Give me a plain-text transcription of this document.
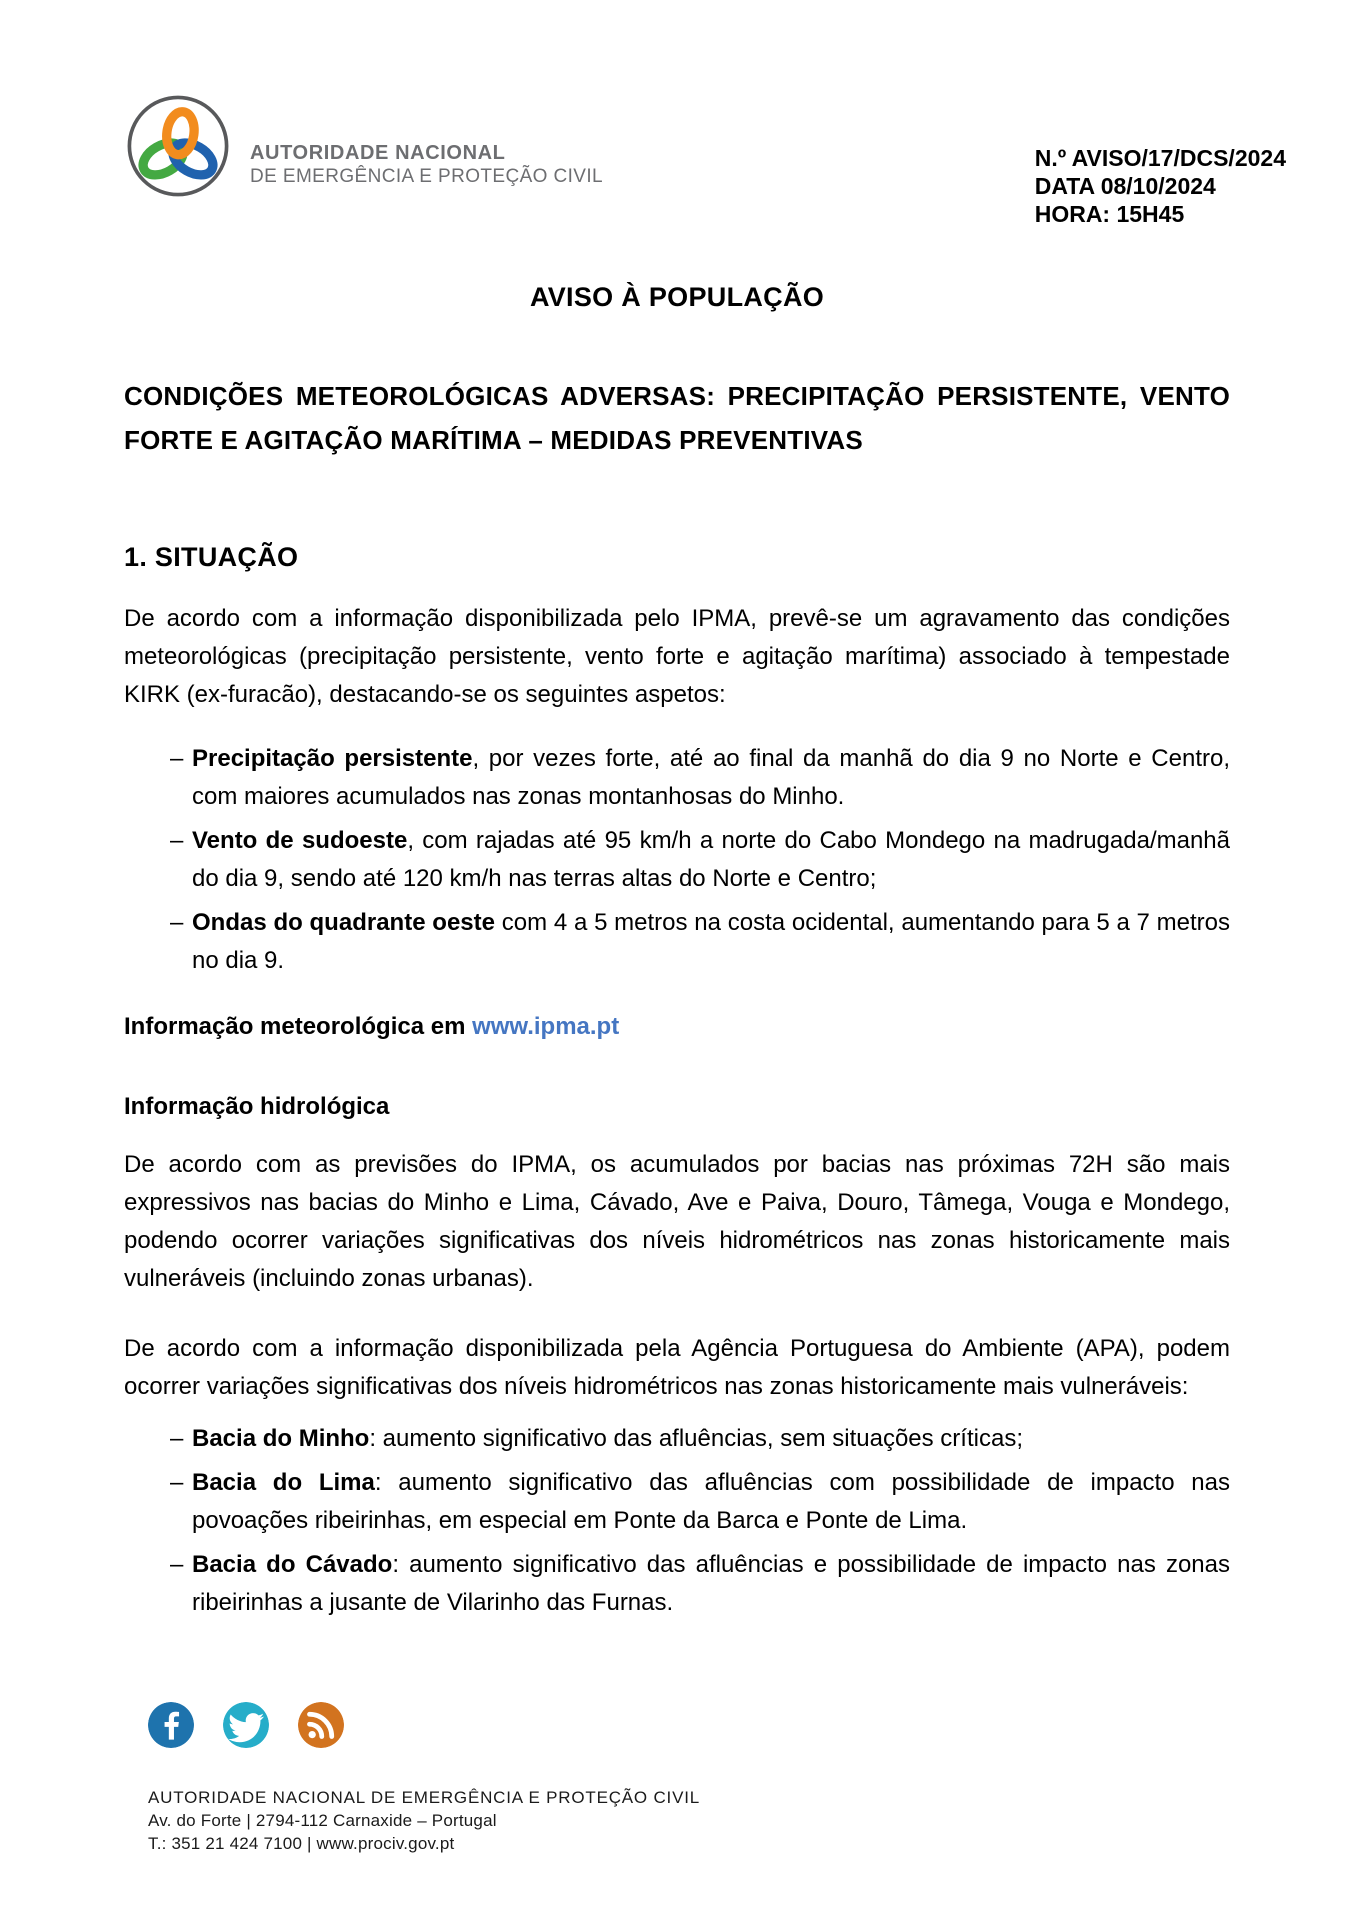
AUTORIDADE NACIONAL
DE EMERGÊNCIA E PROTEÇÃO CIVIL
N.º AVISO/17/DCS/2024
DATA 08/10/2024
HORA: 15H45
AVISO À POPULAÇÃO
CONDIÇÕES METEOROLÓGICAS ADVERSAS: PRECIPITAÇÃO PERSISTENTE, VENTO FORTE E AGITAÇÃO MARÍTIMA – MEDIDAS PREVENTIVAS
1. SITUAÇÃO

De acordo com a informação disponibilizada pelo IPMA, prevê-se um agravamento das condições meteorológicas (precipitação persistente, vento forte e agitação marítima) associado à tempestade KIRK (ex-furacão), destacando-se os seguintes aspetos:

– Precipitação persistente, por vezes forte, até ao final da manhã do dia 9 no Norte e Centro, com maiores acumulados nas zonas montanhosas do Minho.
– Vento de sudoeste, com rajadas até 95 km/h a norte do Cabo Mondego na madrugada/manhã do dia 9, sendo até 120 km/h nas terras altas do Norte e Centro;
– Ondas do quadrante oeste com 4 a 5 metros na costa ocidental, aumentando para 5 a 7 metros no dia 9.

Informação meteorológica em www.ipma.pt

Informação hidrológica

De acordo com as previsões do IPMA, os acumulados por bacias nas próximas 72H são mais expressivos nas bacias do Minho e Lima, Cávado, Ave e Paiva, Douro, Tâmega, Vouga e Mondego, podendo ocorrer variações significativas dos níveis hidrométricos nas zonas historicamente mais vulneráveis (incluindo zonas urbanas).

De acordo com a informação disponibilizada pela Agência Portuguesa do Ambiente (APA), podem ocorrer variações significativas dos níveis hidrométricos nas zonas historicamente mais vulneráveis:

– Bacia do Minho: aumento significativo das afluências, sem situações críticas;
– Bacia do Lima: aumento significativo das afluências com possibilidade de impacto nas povoações ribeirinhas, em especial em Ponte da Barca e Ponte de Lima.
– Bacia do Cávado: aumento significativo das afluências e possibilidade de impacto nas zonas ribeirinhas a jusante de Vilarinho das Furnas.
AUTORIDADE NACIONAL DE EMERGÊNCIA E PROTEÇÃO CIVIL
Av. do Forte | 2794-112 Carnaxide – Portugal
T.: 351 21 424 7100 | www.prociv.gov.pt
